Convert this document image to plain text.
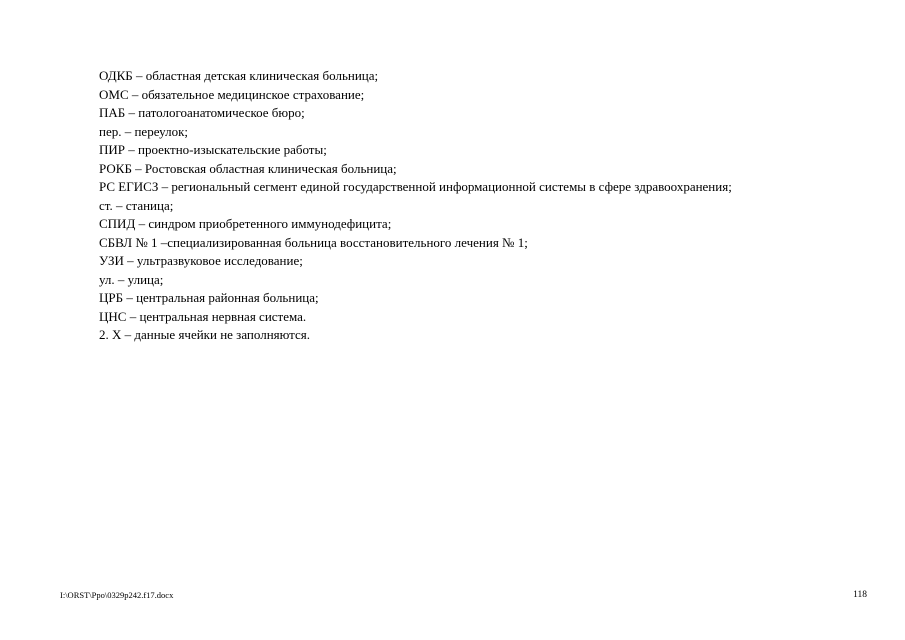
ОДКБ – областная детская клиническая больница;
ОМС – обязательное медицинское страхование;
ПАБ – патологоанатомическое бюро;
пер. – переулок;
ПИР – проектно-изыскательские работы;
РОКБ – Ростовская областная клиническая больница;
РС ЕГИСЗ – региональный сегмент единой государственной информационной системы в сфере здравоохранения;
ст. – станица;
СПИД – синдром приобретенного иммунодефицита;
СБВЛ № 1 –специализированная больница восстановительного лечения № 1;
УЗИ – ультразвуковое исследование;
ул. – улица;
ЦРБ – центральная районная больница;
ЦНС – центральная нервная система.
2. Х – данные ячейки не заполняются.
I:\ORST\Ppo\0329p242.f17.docx	118
